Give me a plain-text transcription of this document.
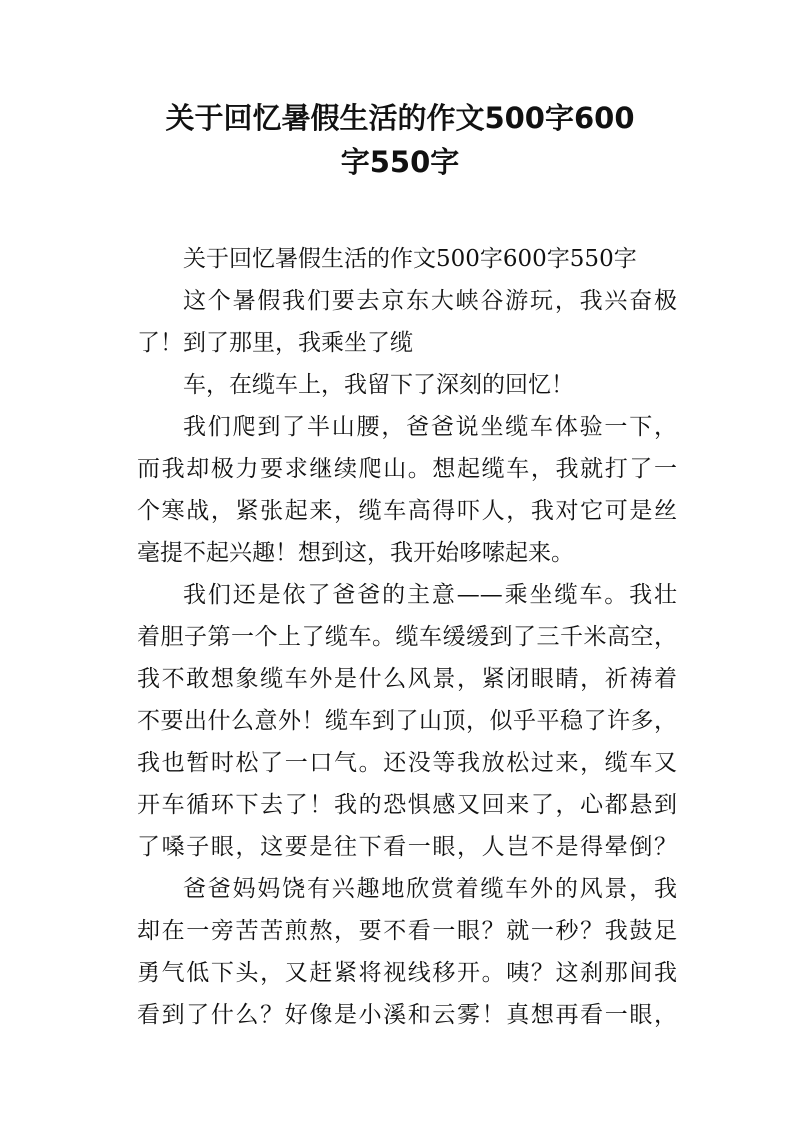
关于回忆暑假生活的作文500字600
字550字
关于回忆暑假生活的作文500字600字550字
这个暑假我们要去京东大峡谷游玩，我兴奋极
了！到了那里，我乘坐了缆
车，在缆车上，我留下了深刻的回忆！
我们爬到了半山腰，爸爸说坐缆车体验一下，
而我却极力要求继续爬山。想起缆车，我就打了一
个寒战，紧张起来，缆车高得吓人，我对它可是丝
毫提不起兴趣！想到这，我开始哆嗦起来。
我们还是依了爸爸的主意——乘坐缆车。我壮
着胆子第一个上了缆车。缆车缓缓到了三千米高空，
我不敢想象缆车外是什么风景，紧闭眼睛，祈祷着
不要出什么意外！缆车到了山顶，似乎平稳了许多，
我也暂时松了一口气。还没等我放松过来，缆车又
开车循环下去了！我的恐惧感又回来了，心都悬到
了嗓子眼，这要是往下看一眼，人岂不是得晕倒？
爸爸妈妈饶有兴趣地欣赏着缆车外的风景，我
却在一旁苦苦煎熬，要不看一眼？就一秒？我鼓足
勇气低下头，又赶紧将视线移开。咦？这刹那间我
看到了什么？好像是小溪和云雾！真想再看一眼，
